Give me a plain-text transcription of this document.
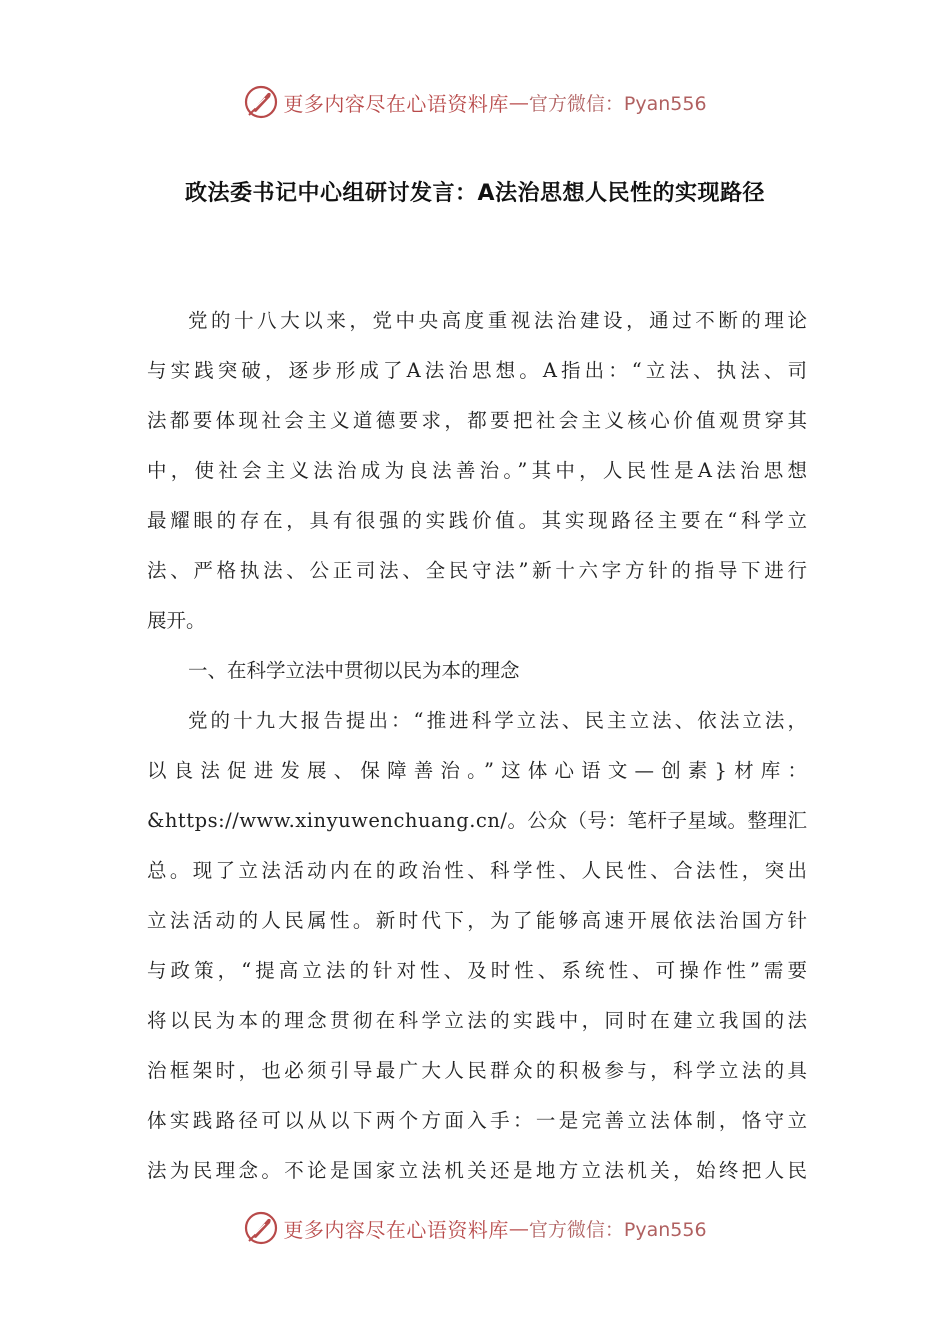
更多内容尽在心语资料库 — 官方微信：Pyan556
政法委书记中心组研讨发言：A法治思想人民性的实现路径
党的十八大以来，党中央高度重视法治建设，通过不断的理论
与实践突破，逐步形成了A法治思想。A指出：“立法、执法、司
法都要体现社会主义道德要求，都要把社会主义核心价值观贯穿其
中，使社会主义法治成为良法善治。”其中，人民性是A法治思想
最耀眼的存在，具有很强的实践价值。其实现路径主要在“科学立
法、严格执法、公正司法、全民守法”新十六字方针的指导下进行
展开。
一、在科学立法中贯彻以民为本的理念
党的十九大报告提出：“推进科学立法、民主立法、依法立法，
以良法促进发展、保障善治。”这体心语文—创素}材库：
&https://www.xinyuwenchuang.cn/。公众（号：笔杆子星域。整理汇
总。现了立法活动内在的政治性、科学性、人民性、合法性，突出
立法活动的人民属性。新时代下，为了能够高速开展依法治国方针
与政策，“提高立法的针对性、及时性、系统性、可操作性”需要
将以民为本的理念贯彻在科学立法的实践中，同时在建立我国的法
治框架时，也必须引导最广大人民群众的积极参与，科学立法的具
体实践路径可以从以下两个方面入手：一是完善立法体制，恪守立
法为民理念。不论是国家立法机关还是地方立法机关，始终把人民
更多内容尽在心语资料库 — 官方微信：Pyan556
